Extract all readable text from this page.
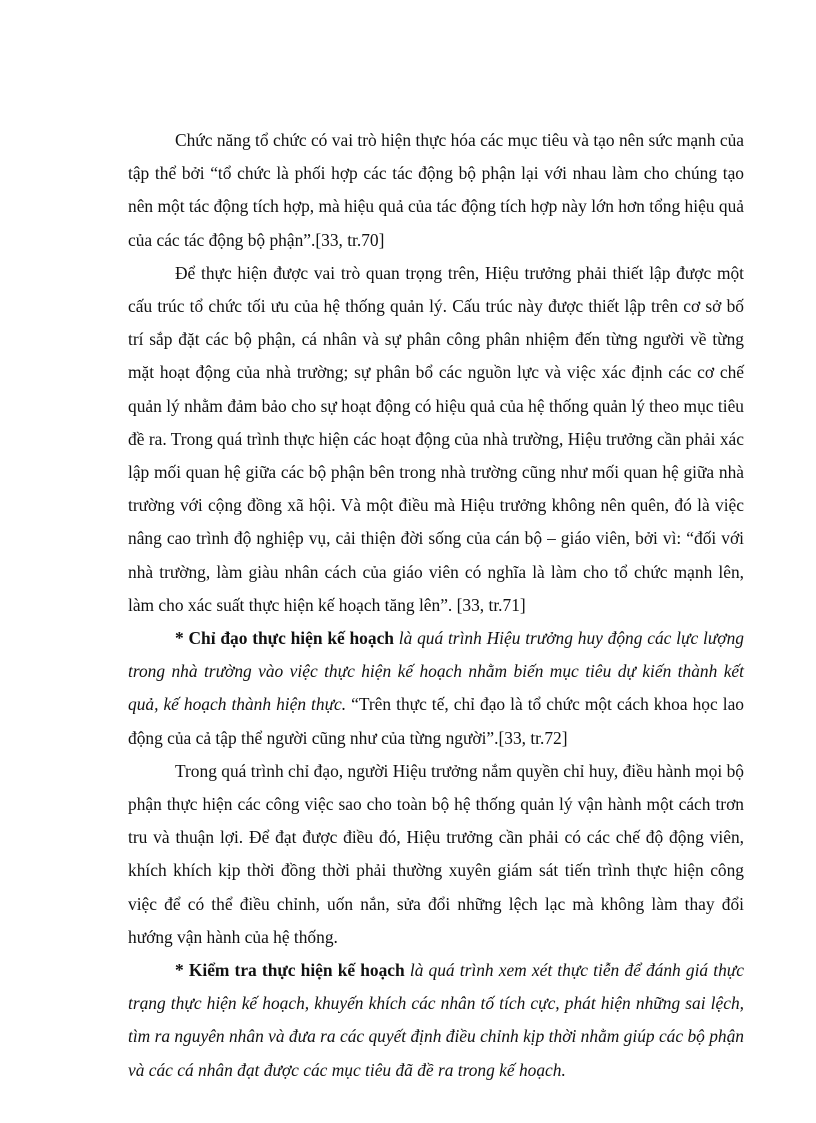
Chức năng tổ chức có vai trò hiện thực hóa các mục tiêu và tạo nên sức mạnh của tập thể bởi “tổ chức là phối hợp các tác động bộ phận lại với nhau làm cho chúng tạo nên một tác động tích hợp, mà hiệu quả của tác động tích hợp này lớn hơn tổng hiệu quả của các tác động bộ phận”.[33, tr.70]

Để thực hiện được vai trò quan trọng trên, Hiệu trưởng phải thiết lập được một cấu trúc tổ chức tối ưu của hệ thống quản lý. Cấu trúc này được thiết lập trên cơ sở bố trí sắp đặt các bộ phận, cá nhân và sự phân công phân nhiệm đến từng người về từng mặt hoạt động của nhà trường; sự phân bổ các nguồn lực và việc xác định các cơ chế quản lý nhằm đảm bảo cho sự hoạt động có hiệu quả của hệ thống quản lý theo mục tiêu đề ra. Trong quá trình thực hiện các hoạt động của nhà trường, Hiệu trưởng cần phải xác lập mối quan hệ giữa các bộ phận bên trong nhà trường cũng như mối quan hệ giữa nhà trường với cộng đồng xã hội. Và một điều mà Hiệu trưởng không nên quên, đó là việc nâng cao trình độ nghiệp vụ, cải thiện đời sống của cán bộ – giáo viên, bởi vì: “đối với nhà trường, làm giàu nhân cách của giáo viên có nghĩa là làm cho tổ chức mạnh lên, làm cho xác suất thực hiện kế hoạch tăng lên”. [33, tr.71]

* Chỉ đạo thực hiện kế hoạch là quá trình Hiệu trưởng huy động các lực lượng trong nhà trường vào việc thực hiện kế hoạch nhằm biến mục tiêu dự kiến thành kết quả, kế hoạch thành hiện thực. “Trên thực tế, chỉ đạo là tổ chức một cách khoa học lao động của cả tập thể người cũng như của từng người”.[33, tr.72]

Trong quá trình chỉ đạo, người Hiệu trưởng nắm quyền chỉ huy, điều hành mọi bộ phận thực hiện các công việc sao cho toàn bộ hệ thống quản lý vận hành một cách trơn tru và thuận lợi. Để đạt được điều đó, Hiệu trưởng cần phải có các chế độ động viên, khích khích kịp thời đồng thời phải thường xuyên giám sát tiến trình thực hiện công việc để có thể điều chỉnh, uốn nắn, sửa đổi những lệch lạc mà không làm thay đổi hướng vận hành của hệ thống.

* Kiểm tra thực hiện kế hoạch là quá trình xem xét thực tiễn để đánh giá thực trạng thực hiện kế hoạch, khuyến khích các nhân tố tích cực, phát hiện những sai lệch, tìm ra nguyên nhân và đưa ra các quyết định điều chỉnh kịp thời nhằm giúp các bộ phận và các cá nhân đạt được các mục tiêu đã đề ra trong kế hoạch.
